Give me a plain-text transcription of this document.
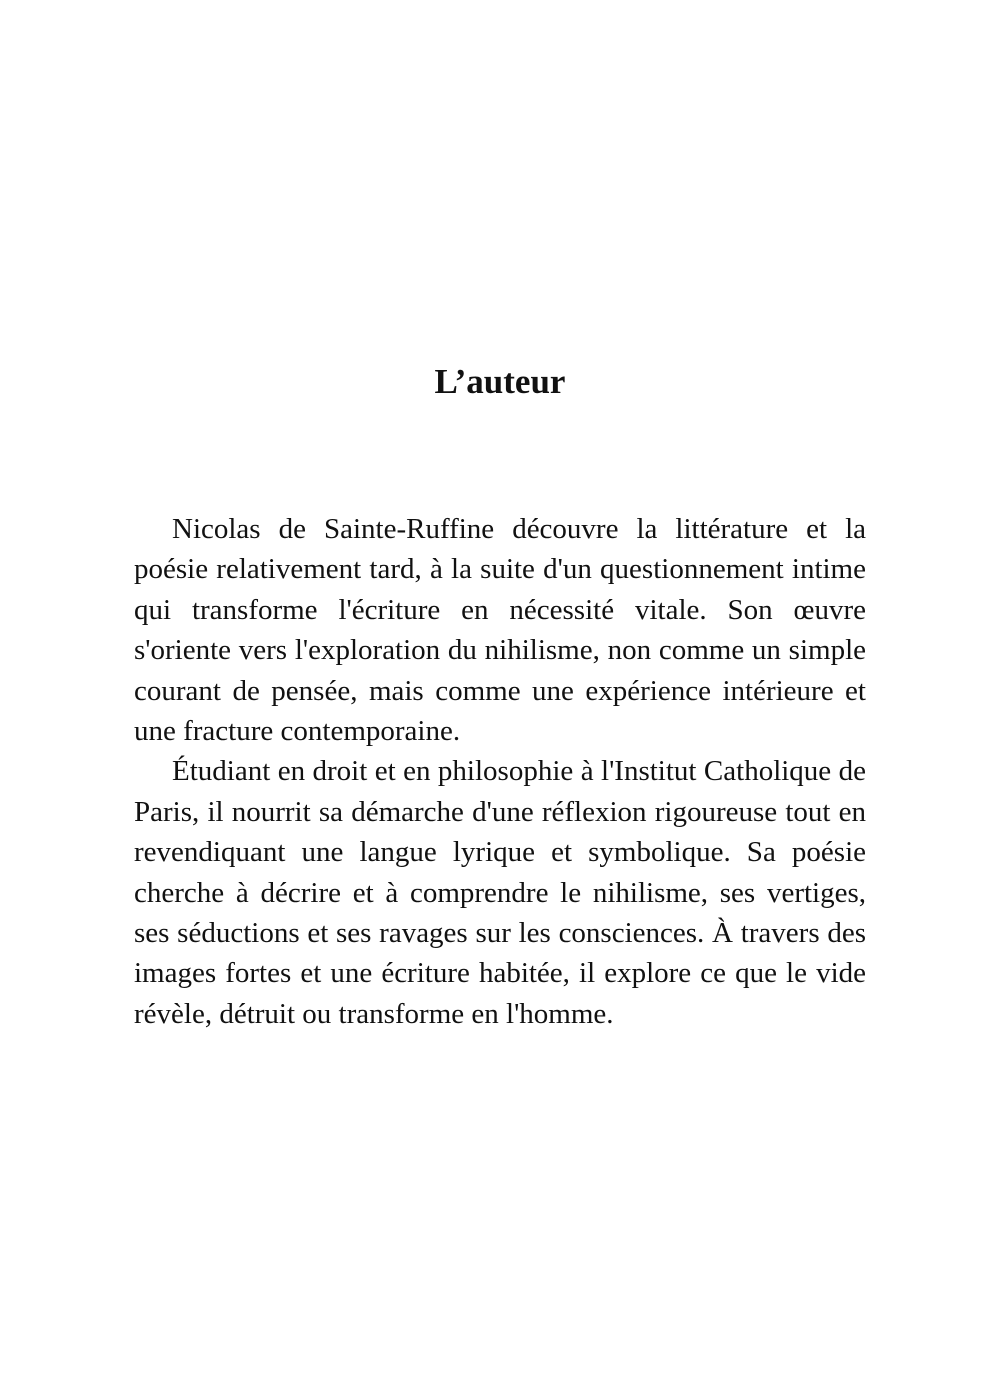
L’auteur

Nicolas de Sainte-Ruffine découvre la littérature et la poésie relativement tard, à la suite d'un questionnement intime qui transforme l'écriture en nécessité vitale. Son œuvre s'oriente vers l'exploration du nihilisme, non comme un simple courant de pensée, mais comme une expérience intérieure et une fracture contemporaine.

Étudiant en droit et en philosophie à l'Institut Catholique de Paris, il nourrit sa démarche d'une réflexion rigoureuse tout en revendiquant une langue lyrique et symbolique. Sa poésie cherche à décrire et à comprendre le nihilisme, ses vertiges, ses séductions et ses ravages sur les consciences. À travers des images fortes et une écriture habitée, il explore ce que le vide révèle, détruit ou transforme en l'homme.
